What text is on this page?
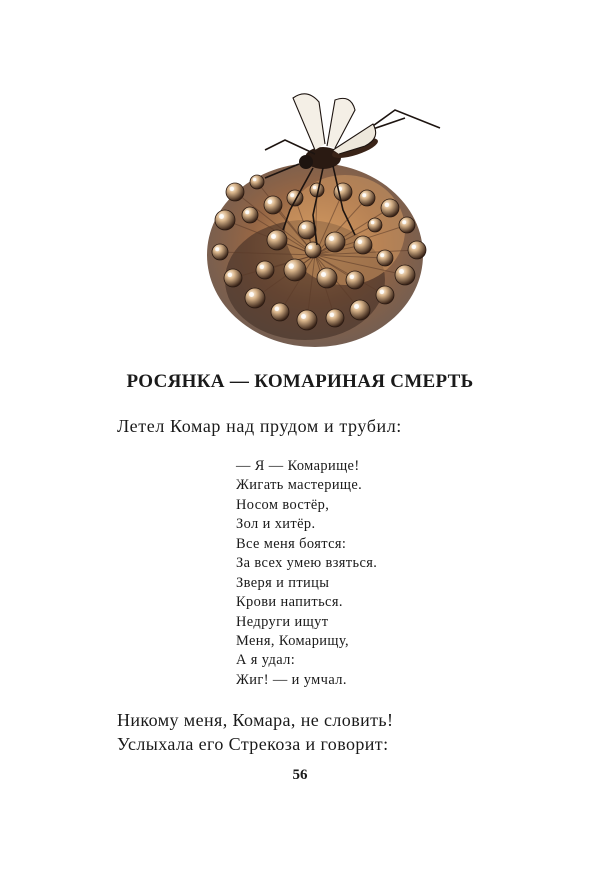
РОСЯНКА — КОМАРИНАЯ СМЕРТЬ
Летел Комар над прудом и трубил:
— Я — Комарище!
Жигать мастерище.
Носом востёр,
Зол и хитёр.
Все меня боятся:
За всех умею взяться.
Зверя и птицы
Крови напиться.
Недруги ищут
Меня, Комарищу,
А я удал:
Жиг! — и умчал.
Никому меня, Комара, не словить!
Услыхала его Стрекоза и говорит:
56
